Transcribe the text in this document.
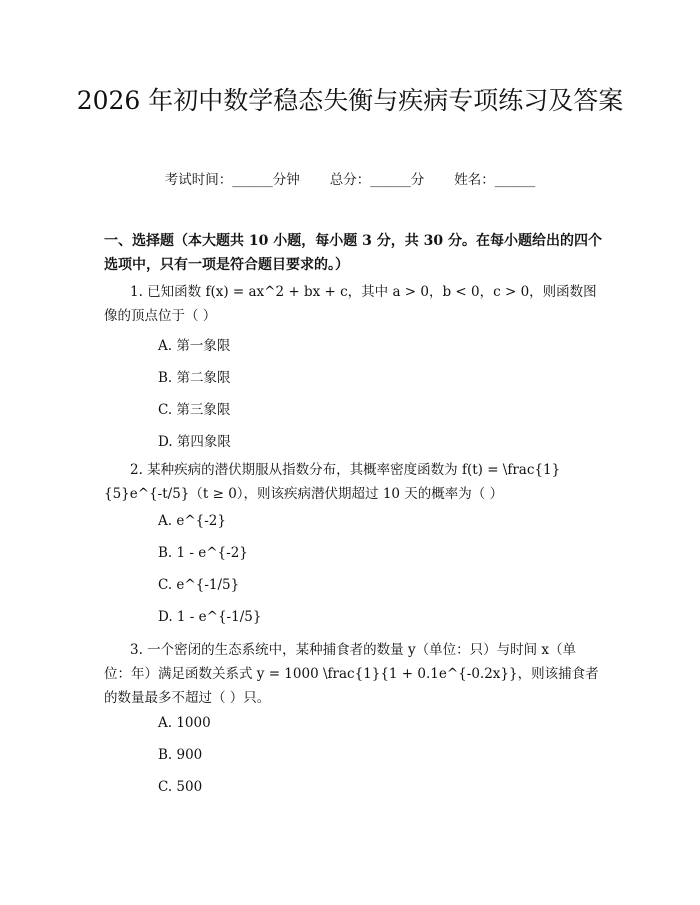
2026 年初中数学稳态失衡与疾病专项练习及答案
考试时间：______分钟 总分：______分 姓名：______
一、选择题（本大题共 10 小题，每小题 3 分，共 30 分。在每小题给出的四个选项中，只有一项是符合题目要求的。）
1. 已知函数 f(x) = ax^2 + bx + c，其中 a > 0，b < 0，c > 0，则函数图像的顶点位于（ ）
A. 第一象限
B. 第二象限
C. 第三象限
D. 第四象限
2. 某种疾病的潜伏期服从指数分布，其概率密度函数为 f(t) = \frac{1}{5}e^{-t/5}（t ≥ 0），则该疾病潜伏期超过 10 天的概率为（ ）
A. e^{-2}
B. 1 - e^{-2}
C. e^{-1/5}
D. 1 - e^{-1/5}
3. 一个密闭的生态系统中，某种捕食者的数量 y（单位：只）与时间 x（单位：年）满足函数关系式 y = 1000 \frac{1}{1 + 0.1e^{-0.2x}}，则该捕食者的数量最多不超过（ ）只。
A. 1000
B. 900
C. 500
